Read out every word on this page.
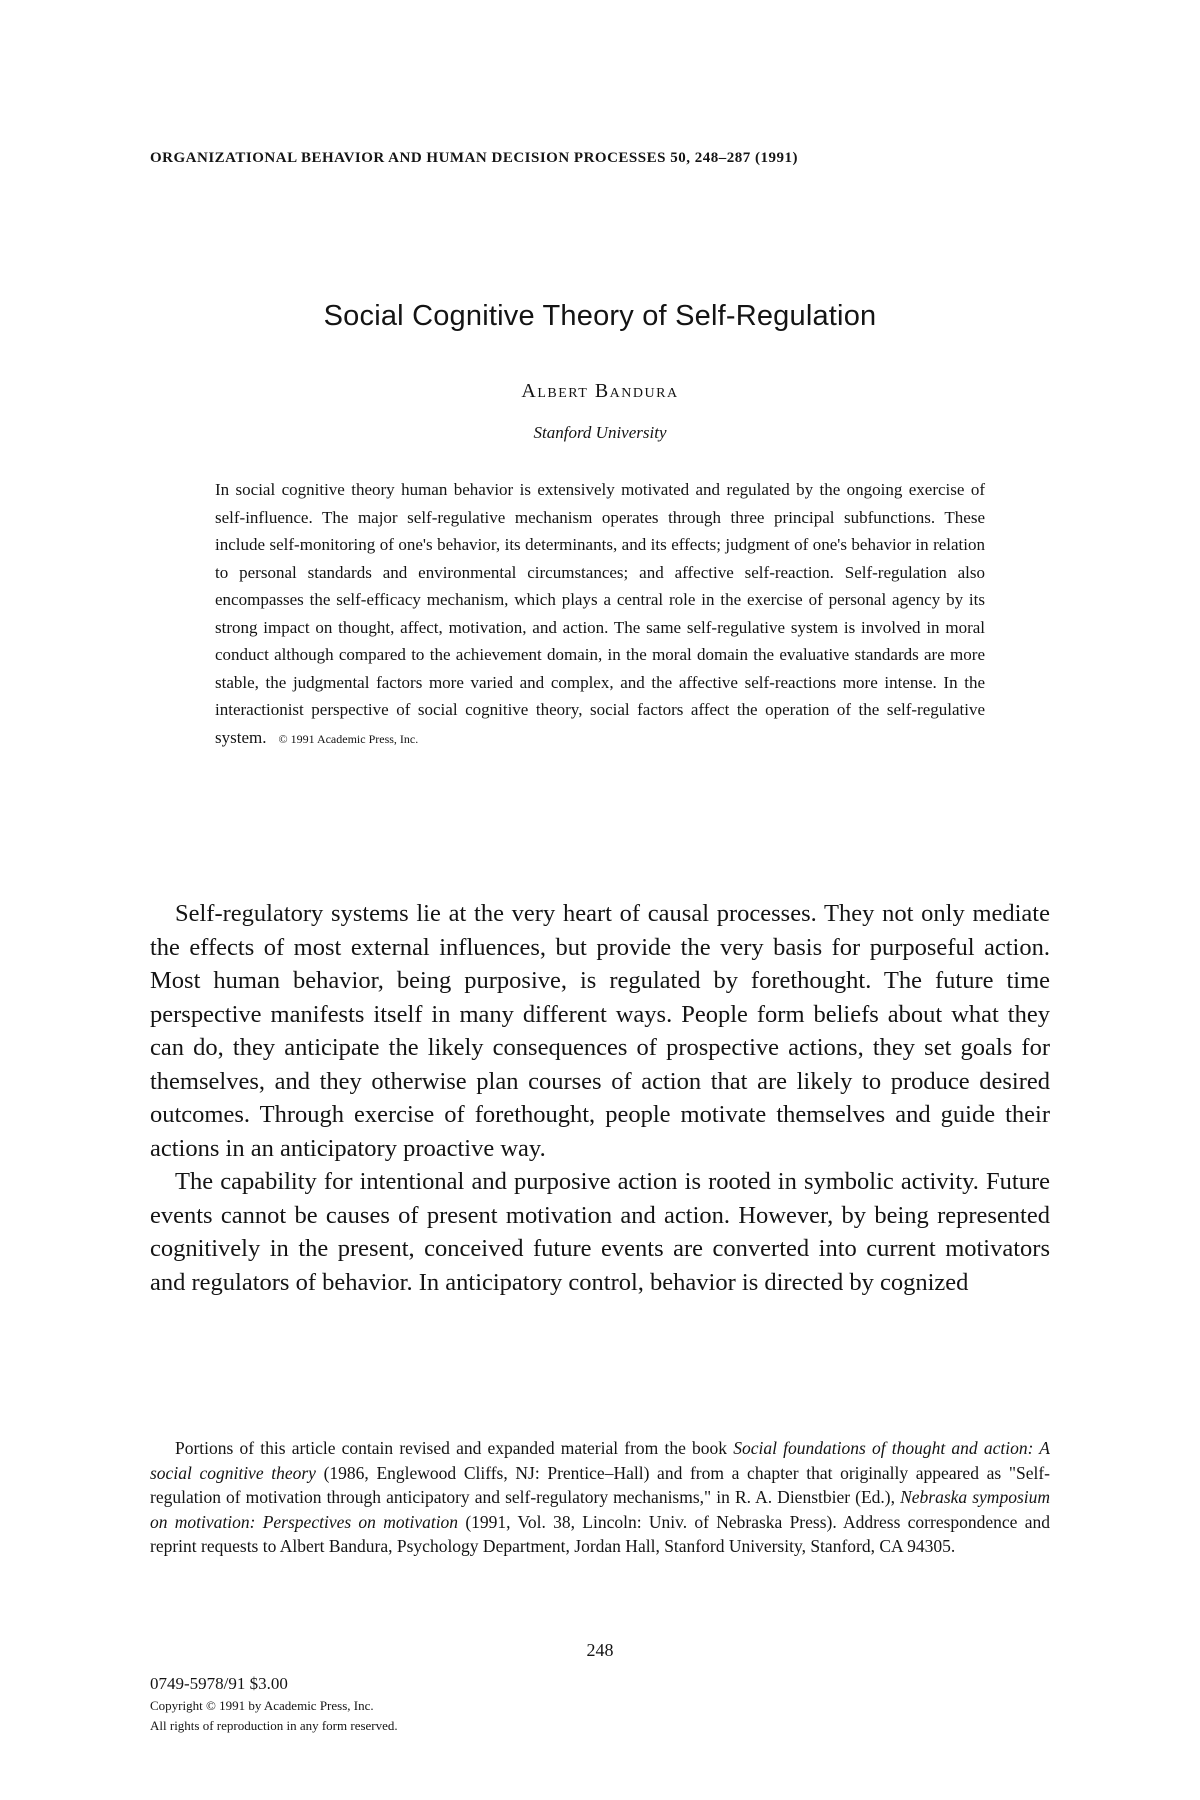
ORGANIZATIONAL BEHAVIOR AND HUMAN DECISION PROCESSES 50, 248–287 (1991)
Social Cognitive Theory of Self-Regulation
Albert Bandura
Stanford University

In social cognitive theory human behavior is extensively motivated and regulated by the ongoing exercise of self-influence. The major self-regulative mechanism operates through three principal subfunctions. These include self-monitoring of one's behavior, its determinants, and its effects; judgment of one's behavior in relation to personal standards and environmental circumstances; and affective self-reaction. Self-regulation also encompasses the self-efficacy mechanism, which plays a central role in the exercise of personal agency by its strong impact on thought, affect, motivation, and action. The same self-regulative system is involved in moral conduct although compared to the achievement domain, in the moral domain the evaluative standards are more stable, the judgmental factors more varied and complex, and the affective self-reactions more intense. In the interactionist perspective of social cognitive theory, social factors affect the operation of the self-regulative system. © 1991 Academic Press, Inc.

Self-regulatory systems lie at the very heart of causal processes. They not only mediate the effects of most external influences, but provide the very basis for purposeful action. Most human behavior, being purposive, is regulated by forethought. The future time perspective manifests itself in many different ways. People form beliefs about what they can do, they anticipate the likely consequences of prospective actions, they set goals for themselves, and they otherwise plan courses of action that are likely to produce desired outcomes. Through exercise of forethought, people motivate themselves and guide their actions in an anticipatory proactive way.

The capability for intentional and purposive action is rooted in symbolic activity. Future events cannot be causes of present motivation and action. However, by being represented cognitively in the present, conceived future events are converted into current motivators and regulators of behavior. In anticipatory control, behavior is directed by cognized

Portions of this article contain revised and expanded material from the book Social foundations of thought and action: A social cognitive theory (1986, Englewood Cliffs, NJ: Prentice–Hall) and from a chapter that originally appeared as "Self-regulation of motivation through anticipatory and self-regulatory mechanisms," in R. A. Dienstbier (Ed.), Nebraska symposium on motivation: Perspectives on motivation (1991, Vol. 38, Lincoln: Univ. of Nebraska Press). Address correspondence and reprint requests to Albert Bandura, Psychology Department, Jordan Hall, Stanford University, Stanford, CA 94305.

248
0749-5978/91 $3.00
Copyright © 1991 by Academic Press, Inc.
All rights of reproduction in any form reserved.
